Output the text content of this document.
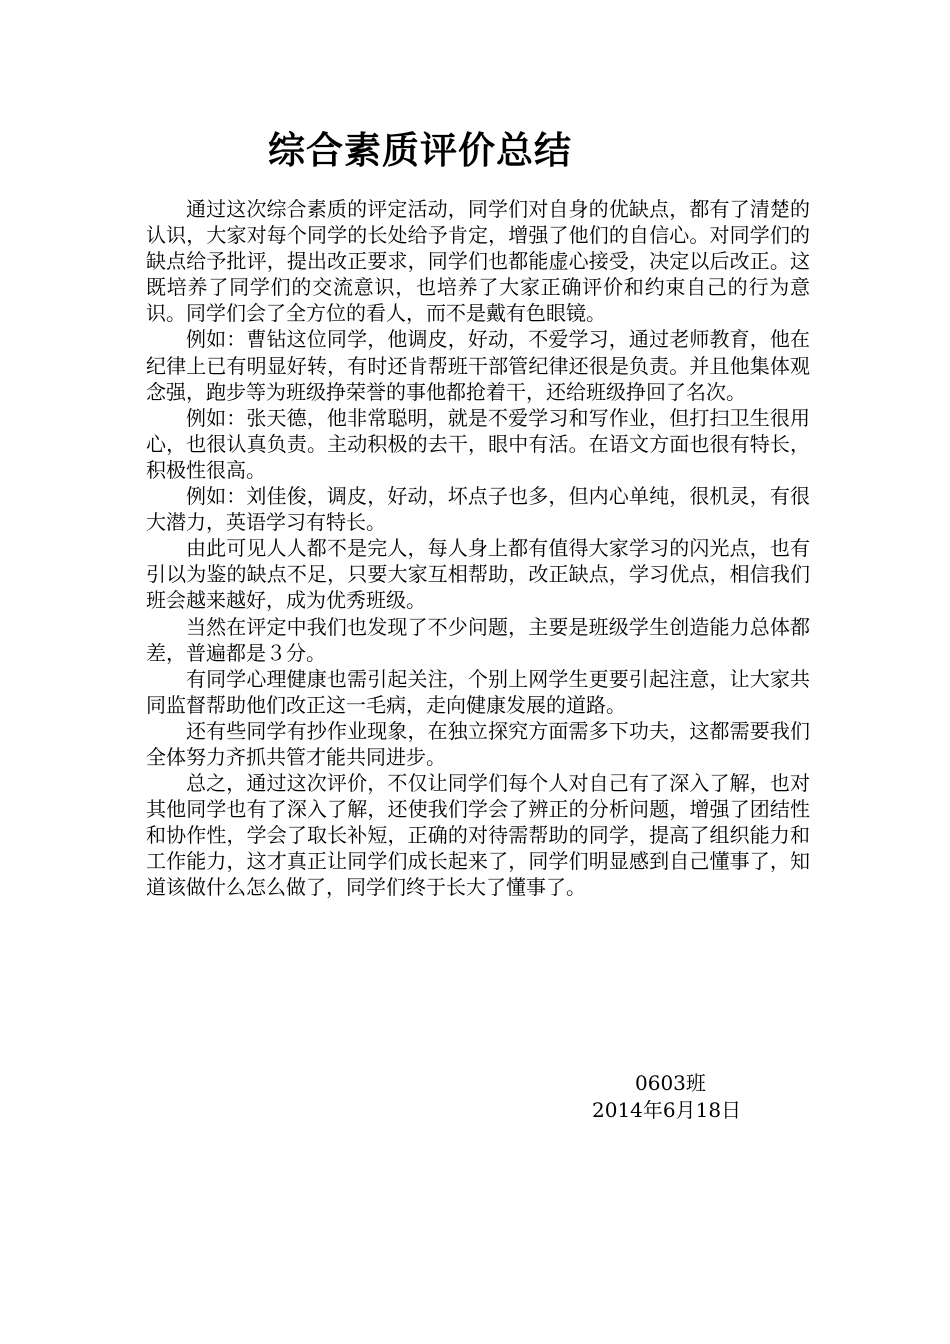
综合素质评价总结

通过这次综合素质的评定活动，同学们对自身的优缺点，都有了清楚的认识，大家对每个同学的长处给予肯定，增强了他们的自信心。对同学们的缺点给予批评，提出改正要求，同学们也都能虚心接受，决定以后改正。这既培养了同学们的交流意识，也培养了大家正确评价和约束自己的行为意识。同学们会了全方位的看人，而不是戴有色眼镜。

例如：曹钻这位同学，他调皮，好动，不爱学习，通过老师教育，他在纪律上已有明显好转，有时还肯帮班干部管纪律还很是负责。并且他集体观念强，跑步等为班级挣荣誉的事他都抢着干，还给班级挣回了名次。

例如：张天德，他非常聪明，就是不爱学习和写作业，但打扫卫生很用心，也很认真负责。主动积极的去干，眼中有活。在语文方面也很有特长，积极性很高。

例如：刘佳俊，调皮，好动，坏点子也多，但内心单纯，很机灵，有很大潜力，英语学习有特长。

由此可见人人都不是完人，每人身上都有值得大家学习的闪光点，也有引以为鉴的缺点不足，只要大家互相帮助，改正缺点，学习优点，相信我们班会越来越好，成为优秀班级。

当然在评定中我们也发现了不少问题，主要是班级学生创造能力总体都差，普遍都是３分。

有同学心理健康也需引起关注，个别上网学生更要引起注意，让大家共同监督帮助他们改正这一毛病，走向健康发展的道路。

还有些同学有抄作业现象，在独立探究方面需多下功夫，这都需要我们全体努力齐抓共管才能共同进步。

总之，通过这次评价，不仅让同学们每个人对自己有了深入了解，也对其他同学也有了深入了解，还使我们学会了辨正的分析问题，增强了团结性和协作性，学会了取长补短，正确的对待需帮助的同学，提高了组织能力和工作能力，这才真正让同学们成长起来了，同学们明显感到自己懂事了，知道该做什么怎么做了，同学们终于长大了懂事了。

0603班
2014年6月18日
